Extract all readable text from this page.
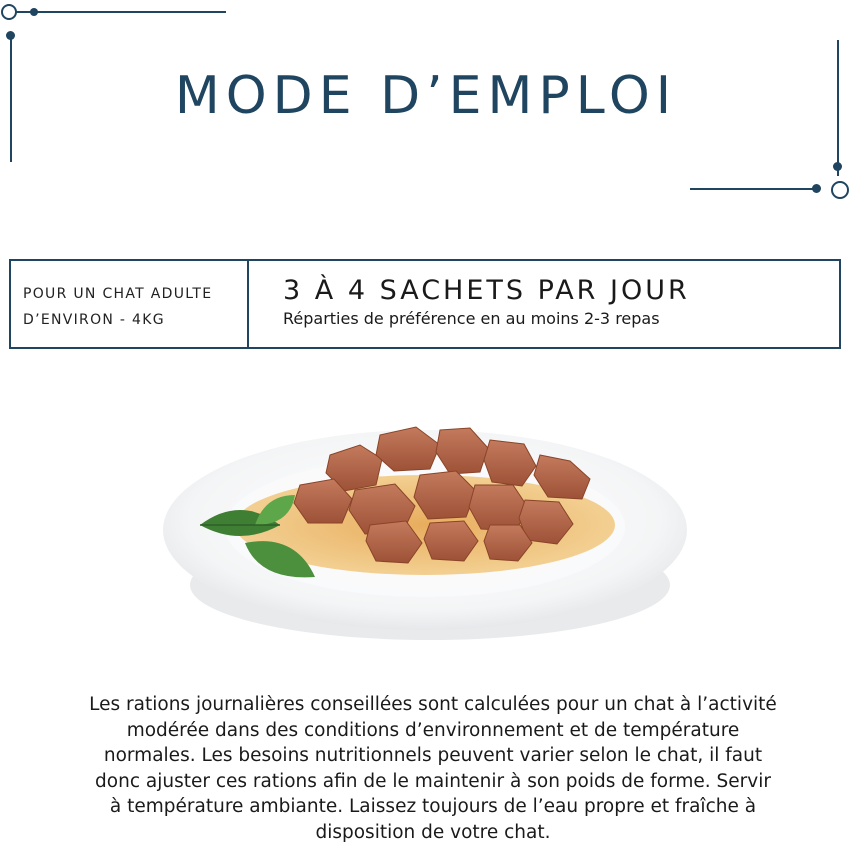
MODE D’EMPLOI
POUR UN CHAT ADULTE
D’ENVIRON - 4KG
3 À 4 SACHETS PAR JOUR
Réparties de préférence en au moins 2-3 repas

Les rations journalières conseillées sont calculées pour un chat à l’activité modérée dans des conditions d’environnement et de température normales. Les besoins nutritionnels peuvent varier selon le chat, il faut donc ajuster ces rations afin de le maintenir à son poids de forme. Servir à température ambiante. Laissez toujours de l’eau propre et fraîche à disposition de votre chat.
